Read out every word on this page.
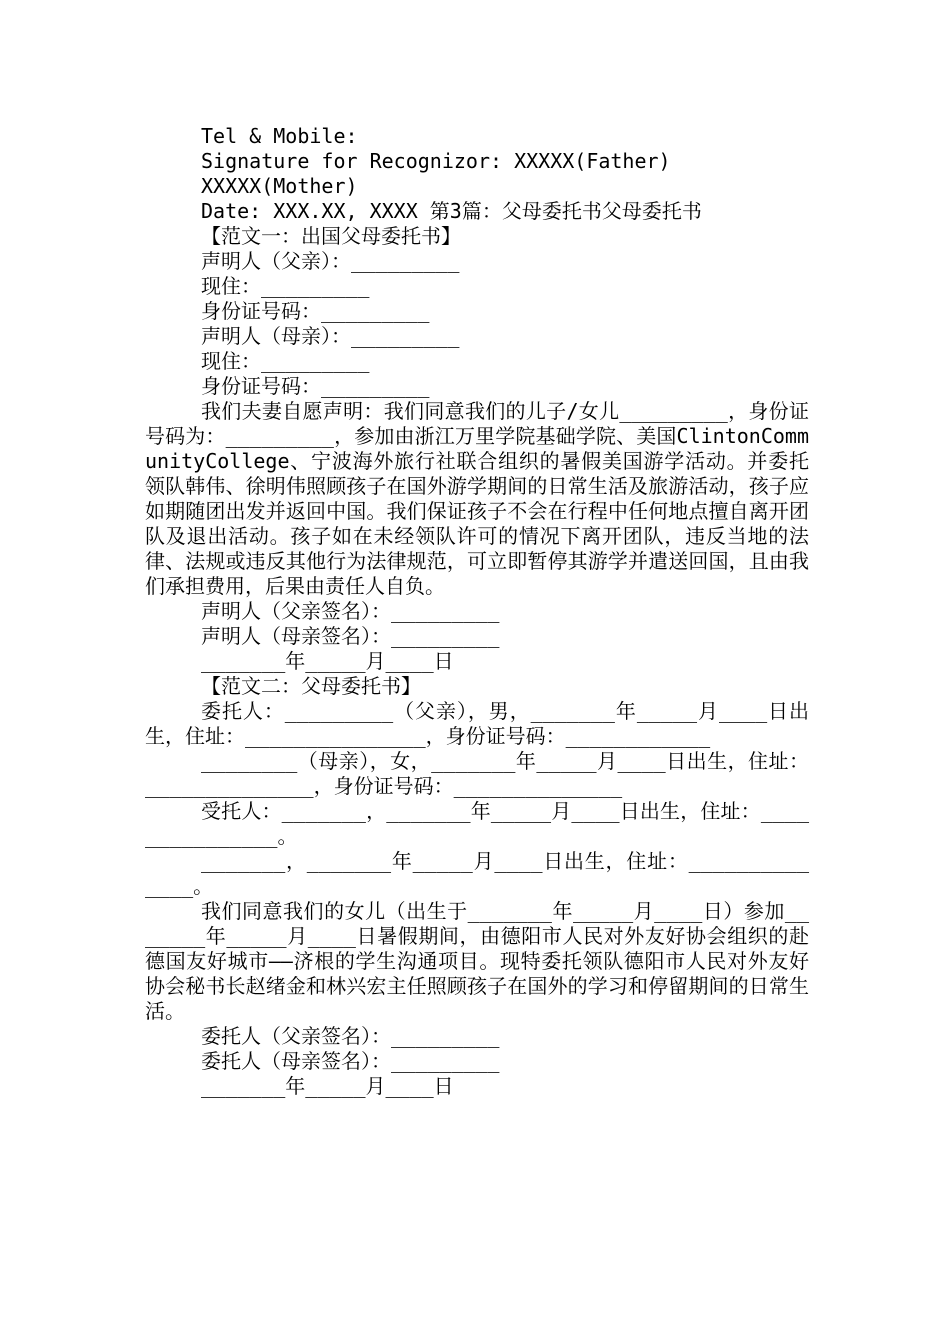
Tel & Mobile:
Signature for Recognizor: XXXXX(Father)
XXXXX(Mother)
Date: XXX.XX, XXXX 第3篇：父母委托书父母委托书
【范文一：出国父母委托书】
声明人（父亲）：_________
现住：_________
身份证号码：_________
声明人（母亲）：_________
现住：_________
身份证号码：_________
我们夫妻自愿声明：我们同意我们的儿子/女儿_________，身份证号码为：_________，参加由浙江万里学院基础学院、美国ClintonCommunityCollege、宁波海外旅行社联合组织的暑假美国游学活动。并委托领队韩伟、徐明伟照顾孩子在国外游学期间的日常生活及旅游活动，孩子应如期随团出发并返回中国。我们保证孩子不会在行程中任何地点擅自离开团队及退出活动。孩子如在未经领队许可的情况下离开团队，违反当地的法律、法规或违反其他行为法律规范，可立即暂停其游学并遣送回国，且由我们承担费用，后果由责任人自负。
声明人（父亲签名）：_________
声明人（母亲签名）：_________
_______年_____月____日
【范文二：父母委托书】
委托人：_________（父亲），男，_______年_____月____日出生，住址：_______________，身份证号码：____________
________（母亲），女，_______年_____月____日出生，住址：______________，身份证号码：______________
受托人：_______，_______年_____月____日出生，住址：_______________。
_______，_______年_____月____日出生，住址：______________。
我们同意我们的女儿（出生于_______年_____月____日）参加_______年_____月____日暑假期间，由德阳市人民对外友好协会组织的赴德国友好城市——济根的学生沟通项目。现特委托领队德阳市人民对外友好协会秘书长赵绪金和林兴宏主任照顾孩子在国外的学习和停留期间的日常生活。
委托人（父亲签名）：_________
委托人（母亲签名）：_________
_______年_____月____日
